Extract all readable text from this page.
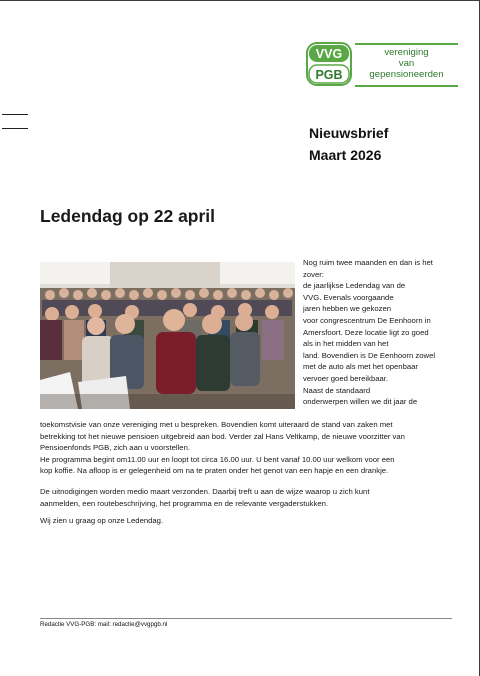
VVG
PGB
vereniging
van
gepensioneerden
Nieuwsbrief
Maart 2026
Ledendag op 22 april
Nog ruim twee maanden en dan is het
zover:
de jaarlijkse Ledendag van de
VVG. Evenals voorgaande
jaren hebben we gekozen
voor congrescentrum De Eenhoorn in
Amersfoort. Deze locatie ligt zo goed
als in het midden van het
land. Bovendien is De Eenhoorn zowel
met de auto als met het openbaar
vervoer goed bereikbaar.
Naast de standaard
onderwerpen willen we dit jaar de
toekomstvisie van onze vereniging met u bespreken. Bovendien komt uiteraard de stand van zaken met
betrekking tot het nieuwe pensioen uitgebreid aan bod. Verder zal Hans Veltkamp, de nieuwe voorzitter van
Pensioenfonds PGB, zich aan u voorstellen.
He programma begint om11.00 uur en loopt tot circa 16.00 uur. U bent vanaf 10.00 uur welkom voor een
kop koffie. Na afloop is er gelegenheid om na te praten onder het genot van een hapje en een drankje.
De uitnodigingen worden medio maart verzonden. Daarbij treft u aan de wijze waarop u zich kunt
aanmelden, een routebeschrijving, het programma en de relevante vergaderstukken.
Wij zien u graag op onze Ledendag.
Redactie VVG-PGB: mail: redactie@vvgpgb.nl
